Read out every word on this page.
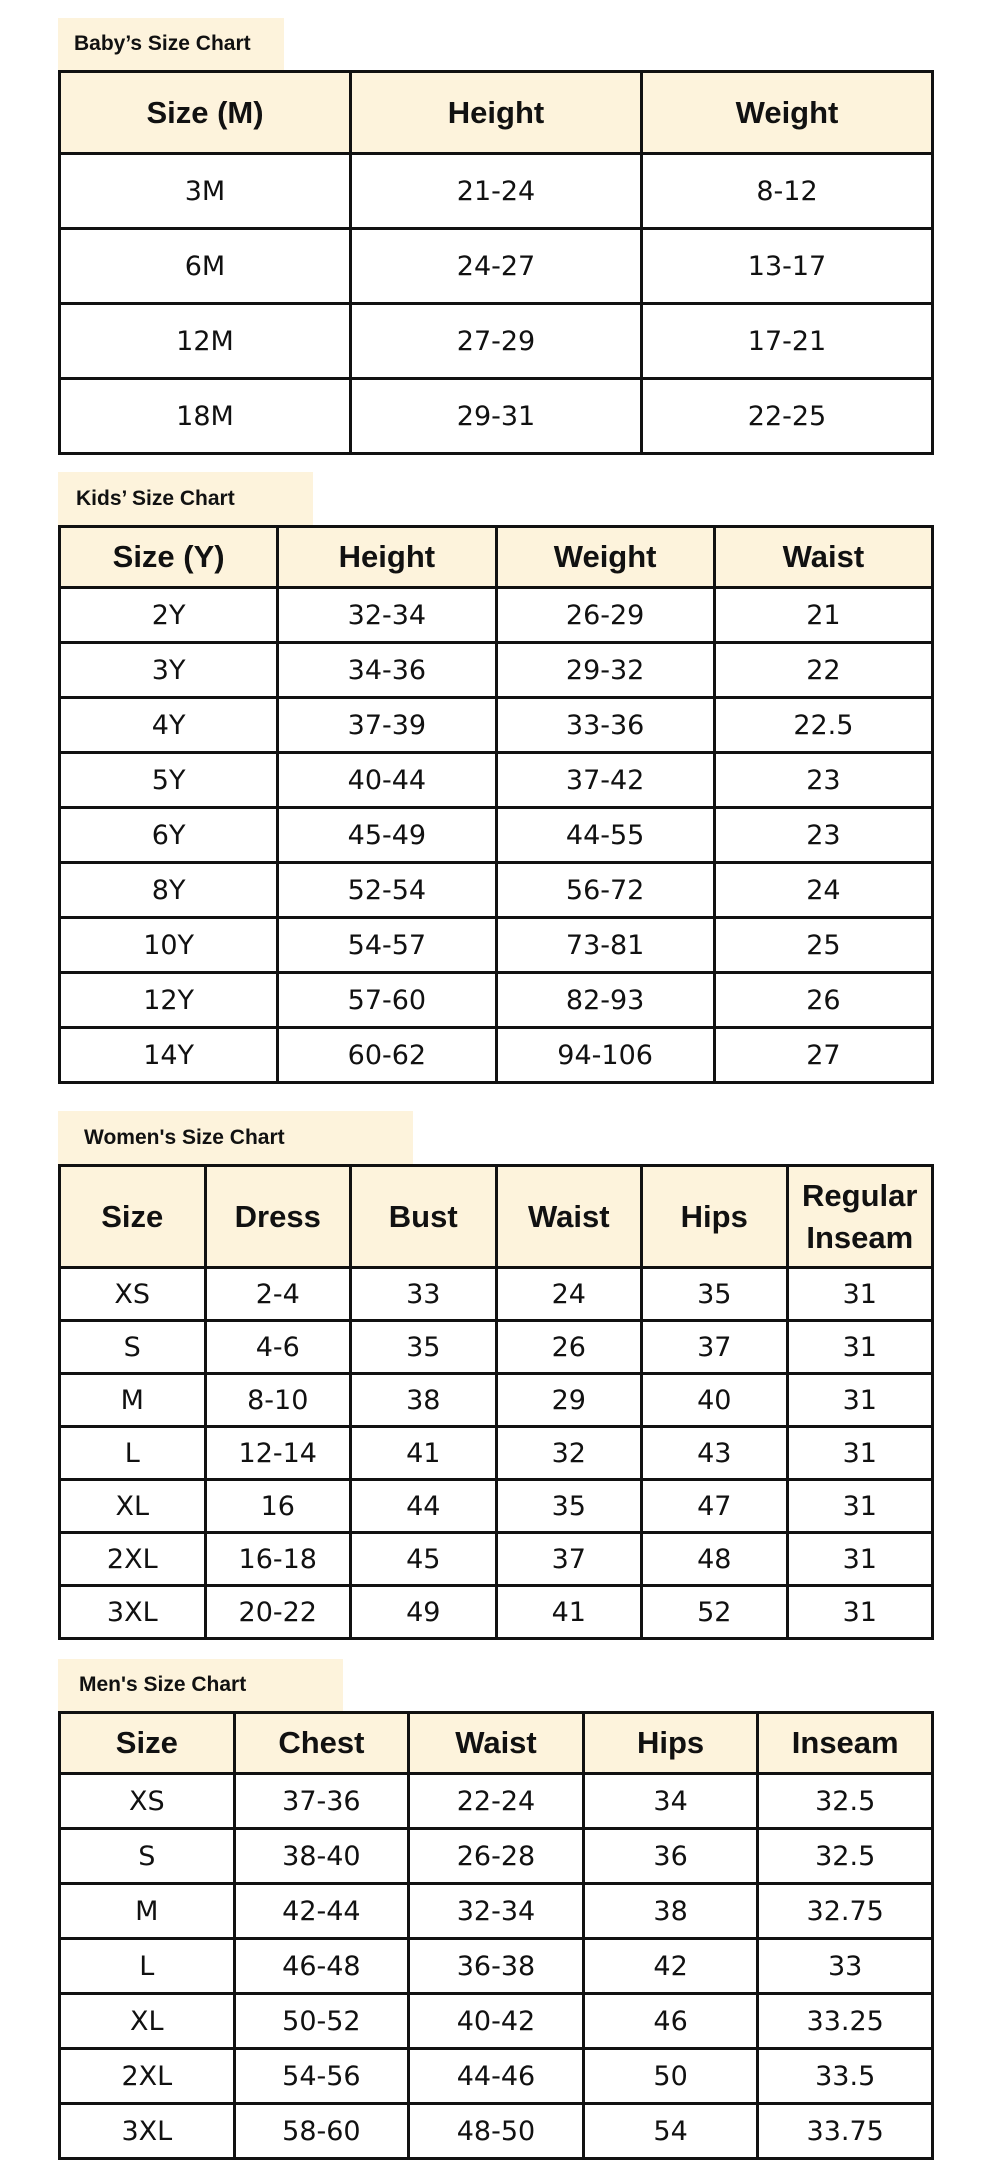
Baby’s Size Chart
Size (M)	Height	Weight
3M	21-24	8-12
6M	24-27	13-17
12M	27-29	17-21
18M	29-31	22-25
Kids’ Size Chart
Size (Y)	Height	Weight	Waist
2Y	32-34	26-29	21
3Y	34-36	29-32	22
4Y	37-39	33-36	22.5
5Y	40-44	37-42	23
6Y	45-49	44-55	23
8Y	52-54	56-72	24
10Y	54-57	73-81	25
12Y	57-60	82-93	26
14Y	60-62	94-106	27
Women's Size Chart
Size	Dress	Bust	Waist	Hips	Regular Inseam
XS	2-4	33	24	35	31
S	4-6	35	26	37	31
M	8-10	38	29	40	31
L	12-14	41	32	43	31
XL	16	44	35	47	31
2XL	16-18	45	37	48	31
3XL	20-22	49	41	52	31
Men's Size Chart
Size	Chest	Waist	Hips	Inseam
XS	37-36	22-24	34	32.5
S	38-40	26-28	36	32.5
M	42-44	32-34	38	32.75
L	46-48	36-38	42	33
XL	50-52	40-42	46	33.25
2XL	54-56	44-46	50	33.5
3XL	58-60	48-50	54	33.75
